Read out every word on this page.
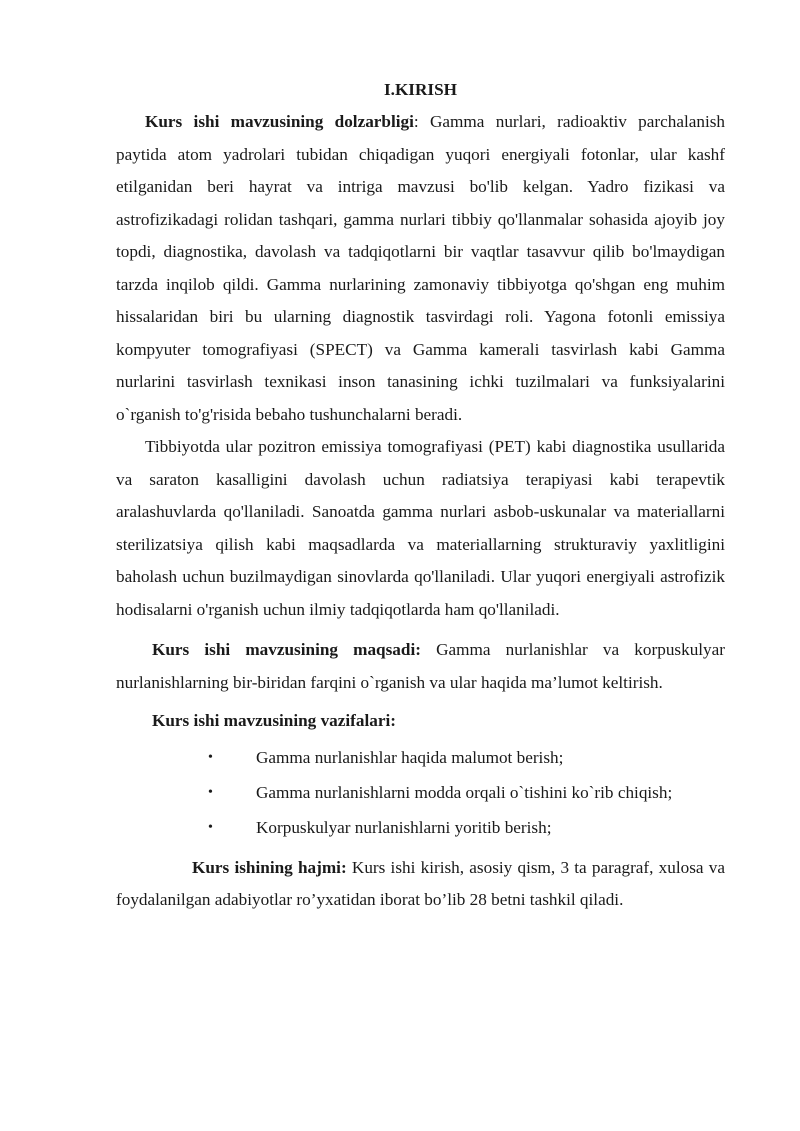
I.KIRISH

Kurs ishi mavzusining dolzarbligi: Gamma nurlari, radioaktiv parchalanish paytida atom yadrolari tubidan chiqadigan yuqori energiyali fotonlar, ular kashf etilganidan beri hayrat va intriga mavzusi bo'lib kelgan. Yadro fizikasi va astrofizikadagi rolidan tashqari, gamma nurlari tibbiy qo'llanmalar sohasida ajoyib joy topdi, diagnostika, davolash va tadqiqotlarni bir vaqtlar tasavvur qilib bo'lmaydigan tarzda inqilob qildi. Gamma nurlarining zamonaviy tibbiyotga qo'shgan eng muhim hissalaridan biri bu ularning diagnostik tasvirdagi roli. Yagona fotonli emissiya kompyuter tomografiyasi (SPECT) va Gamma kamerali tasvirlash kabi Gamma nurlarini tasvirlash texnikasi inson tanasining ichki tuzilmalari va funksiyalarini o`rganish to'g'risida bebaho tushunchalarni beradi.

Tibbiyotda ular pozitron emissiya tomografiyasi (PET) kabi diagnostika usullarida va saraton kasalligini davolash uchun radiatsiya terapiyasi kabi terapevtik aralashuvlarda qo'llaniladi. Sanoatda gamma nurlari asbob-uskunalar va materiallarni sterilizatsiya qilish kabi maqsadlarda va materiallarning strukturaviy yaxlitligini baholash uchun buzilmaydigan sinovlarda qo'llaniladi. Ular yuqori energiyali astrofizik hodisalarni o'rganish uchun ilmiy tadqiqotlarda ham qo'llaniladi.

Kurs ishi mavzusining maqsadi: Gamma nurlanishlar va korpuskulyar nurlanishlarning bir-biridan farqini o`rganish va ular haqida ma’lumot keltirish.

Kurs ishi mavzusining vazifalari:

•	Gamma nurlanishlar haqida malumot berish;
•	Gamma nurlanishlarni modda orqali o`tishini ko`rib chiqish;
•	Korpuskulyar nurlanishlarni yoritib berish;

Kurs ishining hajmi: Kurs ishi kirish, asosiy qism, 3 ta paragraf, xulosa va foydalanilgan adabiyotlar ro’yxatidan iborat bo’lib 28 betni tashkil qiladi.
